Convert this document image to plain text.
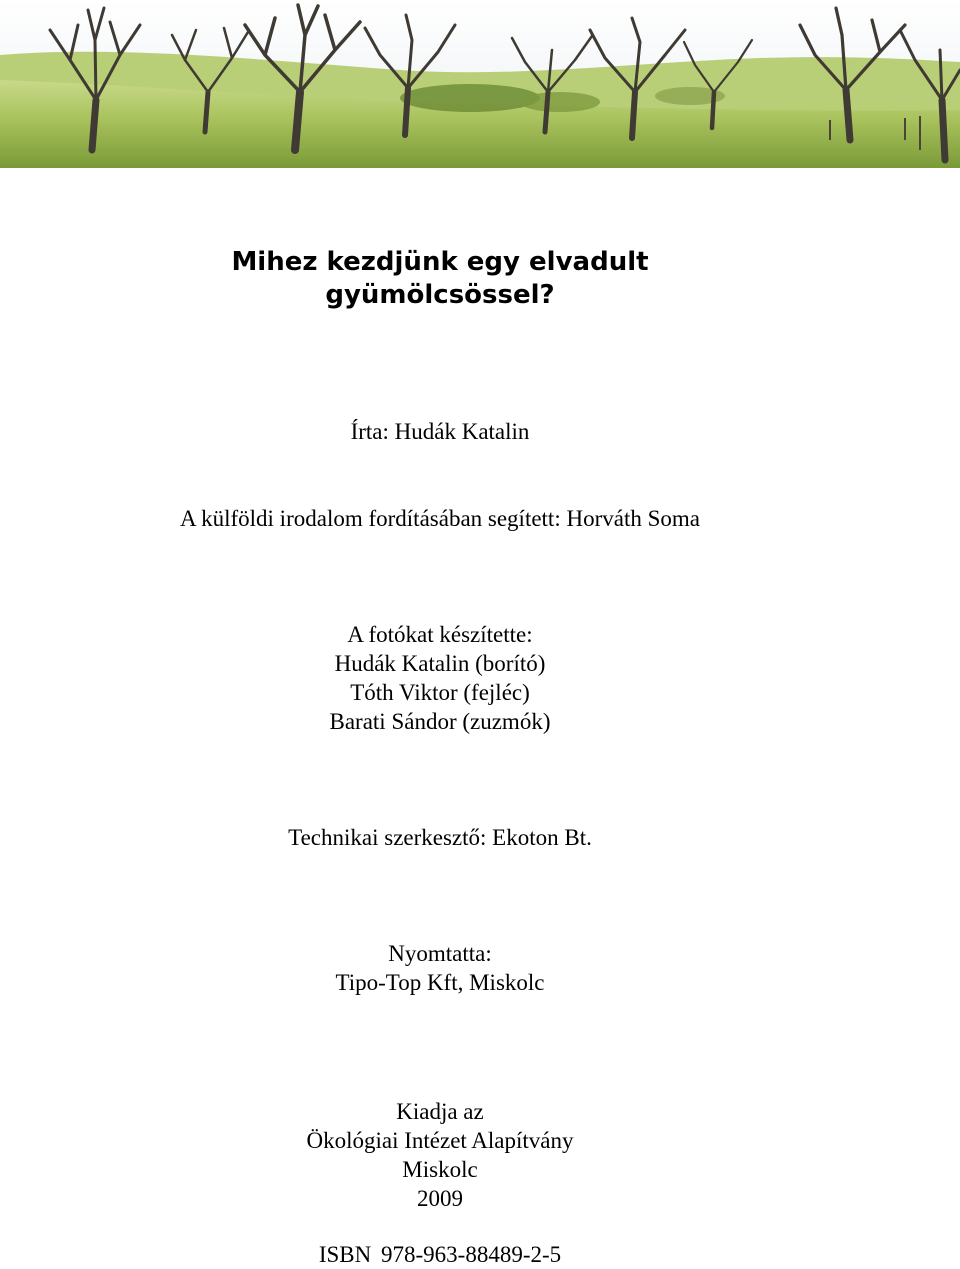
Mihez kezdjünk egy elvadult
gyümölcsössel?
Írta: Hudák Katalin
A külföldi irodalom fordításában segített: Horváth Soma
A fotókat készítette:
Hudák Katalin (borító)
Tóth Viktor (fejléc)
Barati Sándor (zuzmók)
Technikai szerkesztő: Ekoton Bt.
Nyomtatta:
Tipo-Top Kft, Miskolc
Kiadja az
Ökológiai Intézet Alapítvány
Miskolc
2009
ISBN 978-963-88489-2-5
